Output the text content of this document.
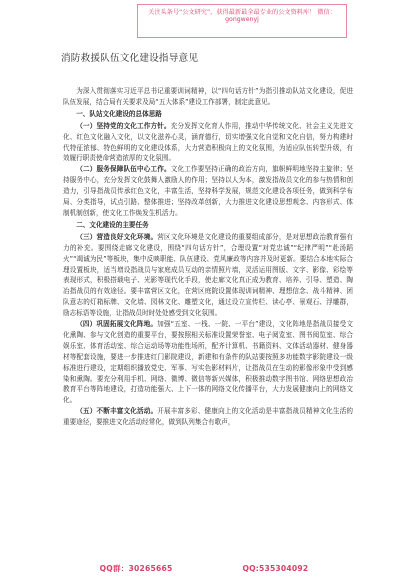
关注头条号“公文研究”，获得最新最全最专业的公文资料库！ 微信：gongwenyj
消防救援队伍文化建设指导意见

为深入贯彻落实习近平总书记重要训词精神，以“四句话方针”为指引推动队站文化建设，促进队伍发展，结合局有关要求及局“五大体系”建设工作部署，制定此意见。

一、队站文化建设的总体思路

（一）坚持党的文化工作方针。充分发挥文化育人作用，推动中华传统文化、社会主义先进文化、红色文化融入文化，以文化滋养心灵，涵育德行，切实增强文化自觉和文化自信，努力构建时代特征浓郁、特色鲜明的文化建设体系，大力营造积极向上的文化氛围，为适应队伍转型升级，有效履行职责使命营造浓厚的文化氛围。

（二）服务保障队伍中心工作。文化工作要坚持正确的政治方向，旗帜鲜明地坚持主旋律；坚持服务中心，充分发挥文化鼓舞人激励人的作用；坚持以人为本，激发指战员文化的参与热情和创造力，引导指战员传承红色文化，丰富生活，坚持科学发展，规范文化建设各项任务，做到科学布局、分类指导，试点引路、整体推进；坚持改革创新，大力推进文化建设思想观念、内容形式、体制机制创新，使文化工作焕发生机活力。

二、文化建设的主要任务

（三）营造良好文化环境。营区文化环境是文化建设的重要组成部分，是对思想政治教育强有力的补充。要围绕走廊文化建设，围绕“四句话方针”，合理设置“对党忠诚”“纪律严明”“赴汤蹈火”“竭诚为民”等板块，集中反映职能、队伍建设、党风廉政等内容并及时更新。要结合本地实际合理设置板块，适当增设指战员与家庭成员互动的亲情照片墙，灵活运用图版、文字、影像、彩绘等表现形式，积极搭载电子、光影等现代化手段，使走廊文化真正成为教育、培养、引导、塑造、陶冶指战员的有效途径。要丰富营区文化，在营区庭院设置体现训词精神、理想信念、战斗精神、团队意志的灯箱标牌、文化墙、园林文化、雕塑文化，通过设立宣传栏、读心亭、景观石、浮雕群，励志标语等设施，让指战员时时处处感受到文化氛围。

（四）巩固拓展文化阵地。加强“五室、一栈、一院、一平台”建设，文化阵地是指战员接受文化熏陶、参与文化创造的重要平台，要按照相关标准设置荣誉室、电子阅览室、图书阅览室、综合娱乐室、体育活动室、综合运动场等功能性场所，配齐计算机、书籍资料、文体活动器材、健身器材等配套设施，要进一步推进红门影院建设，新建和有条件的队站要按照多功能数字影院建设一级标准进行建设，定期组织播放党史、军事、写实色影材料片，让指战员在生动的影像形象中受到感染和熏陶。要充分利用手机、网络、微博、微信等新兴媒体，积极推动数字图书馆、网络思想政治教育平台等阵地建设，打造功能强大、上下一体的网络文化传播平台，大力发展健康向上的网络文化。

（五）不断丰富文化活动。开展丰富多彩、健康向上的文化活动是丰富指战员精神文化生活的重要途径，要推进文化活动经常化，做到队列集合有歌声，

QQ群：30265665	QQ:535304092
